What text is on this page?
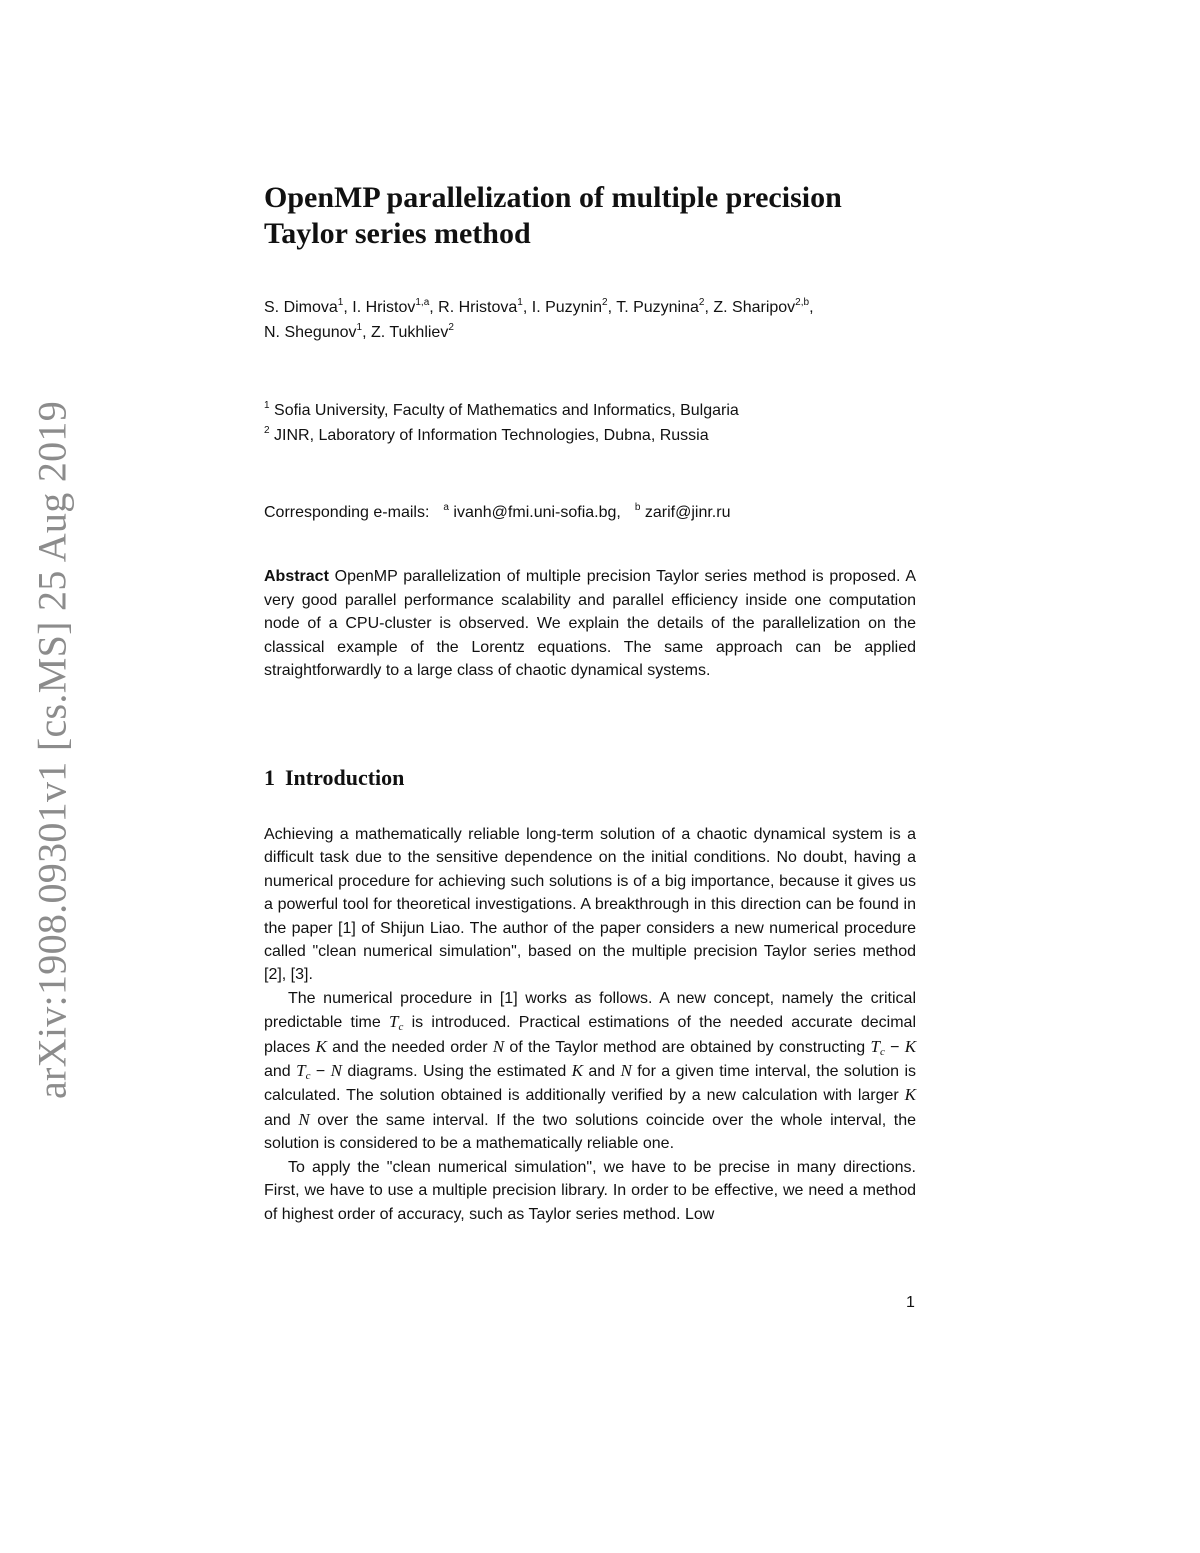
arXiv:1908.09301v1 [cs.MS] 25 Aug 2019
OpenMP parallelization of multiple precision
Taylor series method
S. Dimova$^1$, I. Hristov$^{1,a}$, R. Hristova$^1$, I. Puzynin$^2$, T. Puzynina$^2$, Z. Sharipov$^{2,b}$,
N. Shegunov$^1$, Z. Tukhliev$^2$
$^1$ Sofia University, Faculty of Mathematics and Informatics, Bulgaria
$^2$ JINR, Laboratory of Information Technologies, Dubna, Russia
Corresponding e-mails: $^a$ ivanh@fmi.uni-sofia.bg, $^b$ zarif@jinr.ru

Abstract OpenMP parallelization of multiple precision Taylor series method is proposed. A very good parallel performance scalability and parallel efficiency inside one computation node of a CPU-cluster is observed. We explain the details of the parallelization on the classical example of the Lorentz equations. The same approach can be applied straightforwardly to a large class of chaotic dynamical systems.

1 Introduction

Achieving a mathematically reliable long-term solution of a chaotic dynamical system is a difficult task due to the sensitive dependence on the initial conditions. No doubt, having a numerical procedure for achieving such solutions is of a big importance, because it gives us a powerful tool for theoretical investigations. A breakthrough in this direction can be found in the paper [1] of Shijun Liao. The author of the paper considers a new numerical procedure called "clean numerical simulation", based on the multiple precision Taylor series method [2], [3].

The numerical procedure in [1] works as follows. A new concept, namely the critical predictable time $T_c$ is introduced. Practical estimations of the needed accurate decimal places K and the needed order N of the Taylor method are obtained by constructing $T_c - K$ and $T_c - N$ diagrams. Using the estimated K and N for a given time interval, the solution is calculated. The solution obtained is additionally verified by a new calculation with larger K and N over the same interval. If the two solutions coincide over the whole interval, the solution is considered to be a mathematically reliable one.

To apply the "clean numerical simulation", we have to be precise in many directions. First, we have to use a multiple precision library. In order to be effective, we need a method of highest order of accuracy, such as Taylor series method. Low

1
